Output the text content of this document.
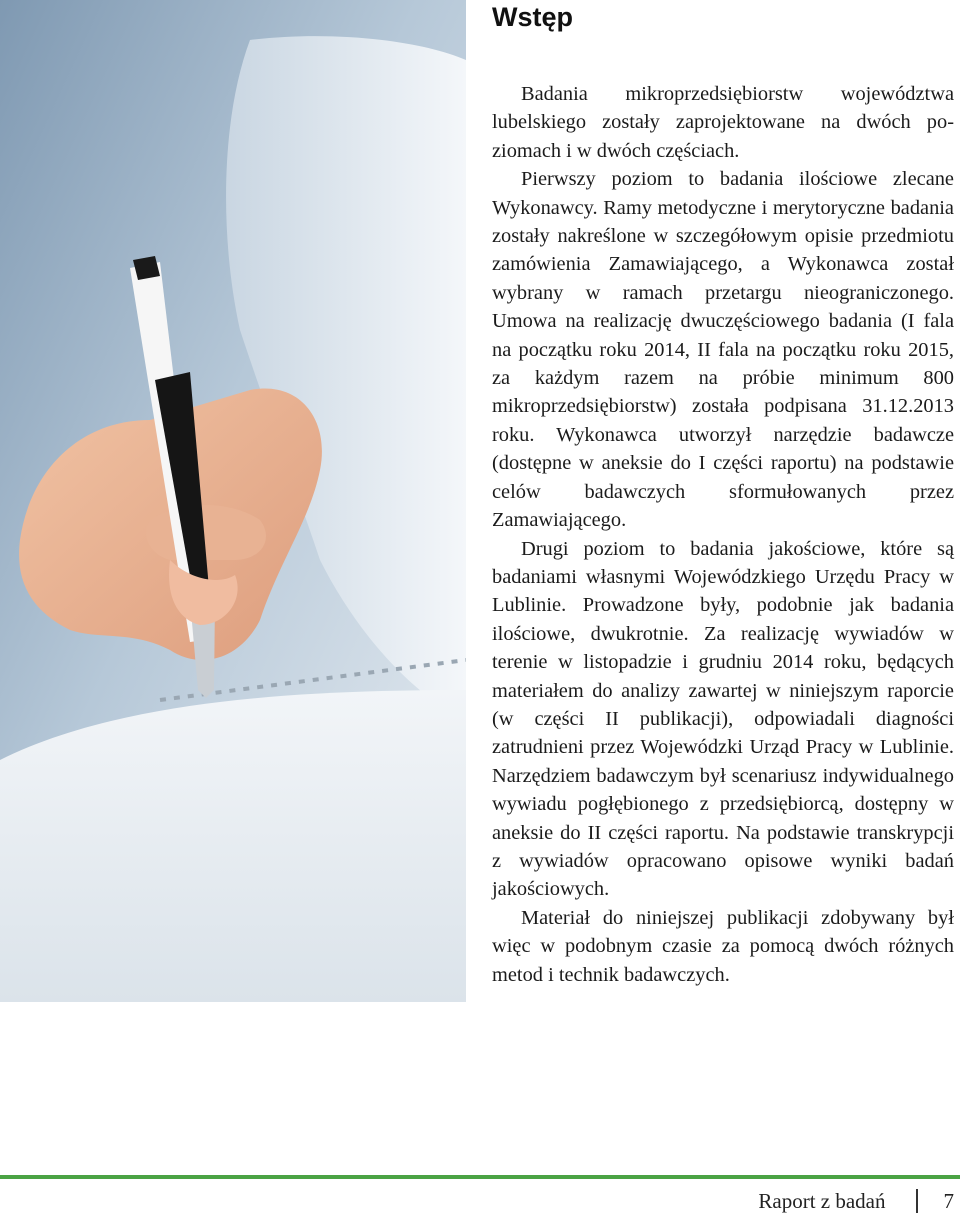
Wstęp

Badania mikroprzedsiębiorstw województwa lubelskiego zostały zaprojektowane na dwóch poziomach i w dwóch częściach.

Pierwszy poziom to badania ilościowe zlecane Wykonawcy. Ramy metodyczne i merytoryczne badania zostały nakreślone w szczegółowym opisie przedmiotu zamówienia Zamawiającego, a Wykonawca został wybrany w ramach przetargu nieograniczonego. Umowa na realizację dwuczęściowego badania (I fala na początku roku 2014, II fala na początku roku 2015, za każdym razem na próbie minimum 800 mikroprzedsiębiorstw) została podpisana 31.12.2013 roku. Wykonawca utworzył narzędzie badawcze (dostępne w aneksie do I części raportu) na podstawie celów badawczych sformułowanych przez Zamawiającego.

Drugi poziom to badania jakościowe, które są badaniami własnymi Wojewódzkiego Urzędu Pracy w Lublinie. Prowadzone były, podobnie jak badania ilościowe, dwukrotnie. Za realizację wywiadów w terenie w listopadzie i grudniu 2014 roku, będących materiałem do analizy zawartej w niniejszym raporcie (w części II publikacji), odpowiadali diagności zatrudnieni przez Wojewódzki Urząd Pracy w Lublinie. Narzędziem badawczym był scenariusz indywidualnego wywiadu pogłębionego z przedsiębiorcą, dostępny w aneksie do II części raportu. Na podstawie transkrypcji z wywiadów opracowano opisowe wyniki badań jakościowych.

Materiał do niniejszej publikacji zdobywany był więc w podobnym czasie za pomocą dwóch różnych metod i technik badawczych.

Raport z badań	7
